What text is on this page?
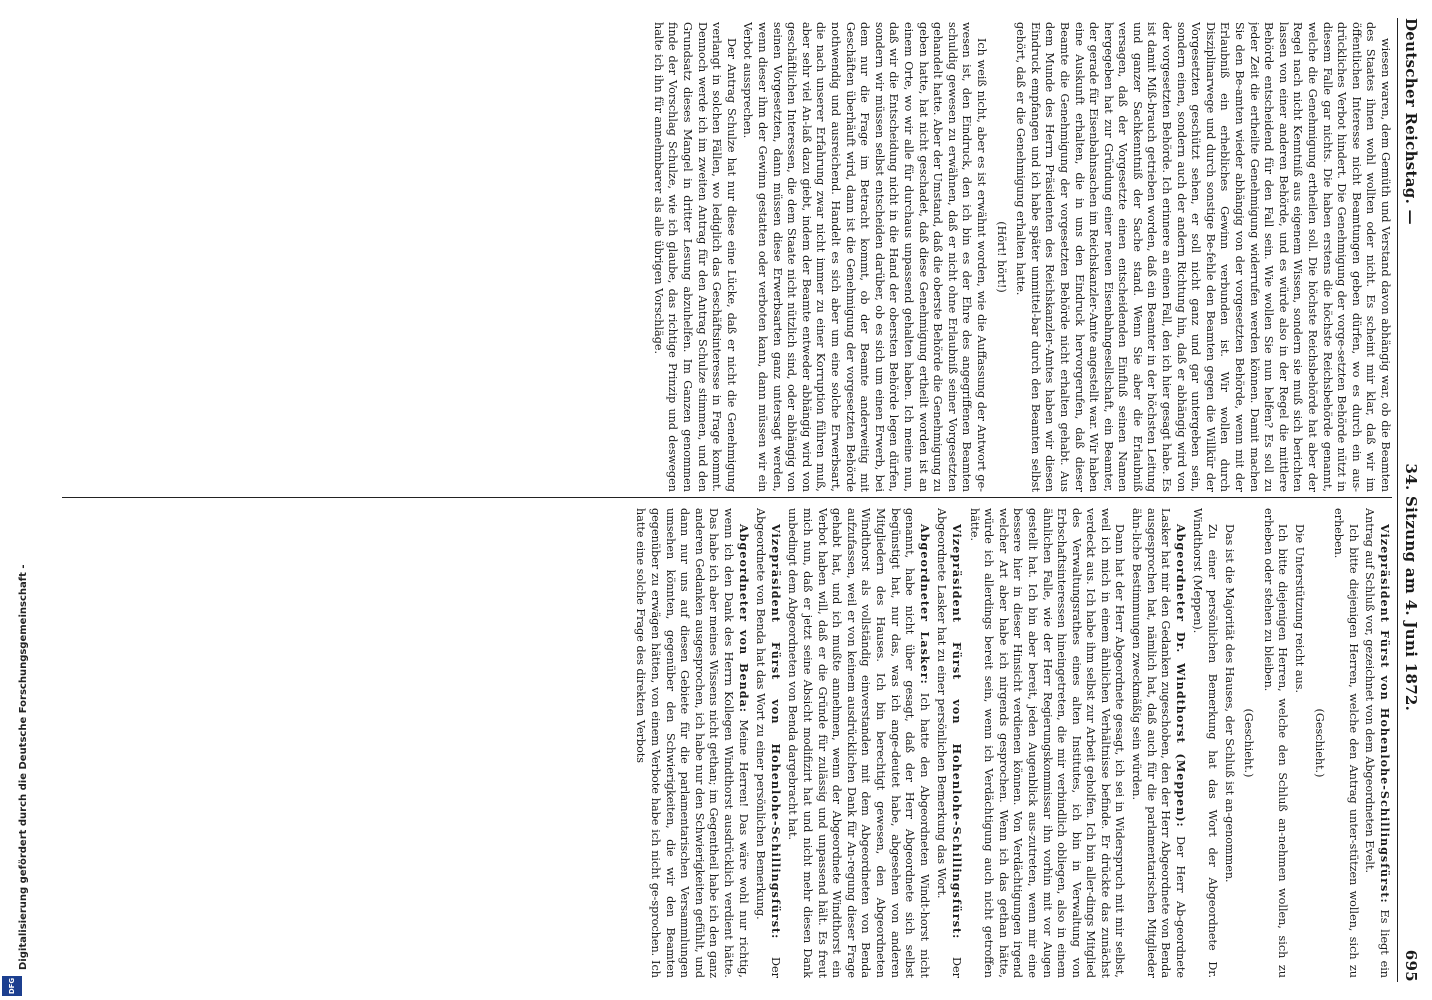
Deutscher Reichstag. —
34. Sitzung am 4. Juni 1872.
695

wiesen waren, dem Gemüth und Verstand davon abhängig war, ob die Beamten des Staates ihnen wohl wollten oder nicht. Es scheint mir klar, daß wir im öffentlichen Interesse nicht Beamtungen geben dürfen, wo es durch ein aus-drückliches Verbot hindert. Die Genehmigung der vorge-setzten Behörde nützt in diesem Falle gar nichts. Die haben erstens die höchste Reichsbehörde genannt, welche die Genehmigung ertheilen soll. Die höchste Reichsbehörde hat aber der Regel nach nicht Kenntniß aus eigenem Wissen, sondern sie muß sich berichten lassen von einer anderen Behörde, und es würde also in der Regel die mittlere Behörde entscheidend für den Fall sein. Wie wollen Sie nun helfen? Es soll zu jeder Zeit die ertheilte Genehmigung widerrufen werden können. Damit machen Sie den Be-amten wieder abhängig von der vorgesetzten Behörde, wenn mit der Erlaubniß ein erhebliches Gewinn verbunden ist. Wir wollen durch Disziplinarwege und durch sonstige Be-fehle den Beamten gegen die Willkür der Vorgesetzten geschützt sehen, er soll nicht ganz und gar untergeben sein, sondern einen, sondern auch der andern Richtung hin, daß er abhängig wird von der vorgesetzten Behörde. Ich erinnere an einen Fall, den ich hier gesagt habe. Es ist damit Miß-brauch getrieben worden, daß ein Beamter in der höchsten Leitung und ganzer Sachkenntniß der Sache stand. Wenn Sie aber die Erlaubniß versagen, daß der Vorgesetzte einen entscheidenden Einfluß seinen Namen hergegeben hat zur Gründung einer neuen Eisenbahngesellschaft, ein Beamter, der gerade für Eisenbahnsachen im Reichskanzler-Amte angestellt war. Wir haben eine Auskunft erhalten, die in uns den Eindruck hervorgerufen, daß dieser Beamte die Genehmigung der vorgesetzten Behörde nicht erhalten gehabt. Aus dem Munde des Herrn Präsidenten des Reichskanzler-Amtes haben wir diesen Eindruck empfangen und ich habe später unmittel-bar durch den Beamten selbst gehört, daß er die Genehmigung erhalten hatte.

(Hört! hört!)

Ich weiß nicht, aber es ist erwähnt worden, wie die Auffassung der Antwort ge-wesen ist, den Eindruck, den ich bin es der Ehre des angegriffenen Beamten schuldig gewesen zu erwähnen, daß er nicht ohne Erlaubniß seiner Vorgesetzten gehandelt hatte. Aber der Umstand, daß die oberste Behörde die Genehmigung zu geben hatte, hat nicht geschadet, daß diese Genehmigung ertheilt worden ist an einem Orte, wo wir alle für durchaus unpassend gehalten haben. Ich meine nun, daß wir die Entscheidung nicht in die Hand der obersten Behörde legen dürfen, sondern wir müssen selbst entscheiden darüber, ob es sich um einen Erwerb, bei dem nur die Frage im Betracht kommt, ob der Beamte anderweitig mit Geschäften überhäuft wird, dann ist die Genehmigung der vorgesetzten Behörde nothwendig und ausreichend. Handelt es sich aber um eine solche Erwerbsart, die nach unserer Erfahrung zwar nicht immer zu einer Korruption führen muß, aber sehr viel An-laß dazu giebt, indem der Beamte entweder abhängig wird von geschäftlichen Interessen, die dem Staate nicht nützlich sind, oder abhängig von seinen Vorgesetzten, dann müssen diese Erwerbsarten ganz untersagt werden, wenn dieser ihm der Gewinn gestatten oder verboten kann, dann müssen wir ein Verbot aussprechen.

Der Antrag Schulze hat nur diese eine Lücke, daß er nicht die Genehmigung verlangt in solchen Fällen, wo lediglich das Geschäftsinteresse in Frage kommt. Dennoch werde ich im zweiten Antrag für den Antrag Schulze stimmen, und den Grundsatz dieses Mangel in dritter Lesung abzuhelfen. Im Ganzen genommen finde der Vorschlag Schulze, wie ich glaube, das richtige Prinzip und deswegen halte ich ihn für annehmbarer als alle übrigen Vorschläge.

Vizepräsident Fürst von Hohenlohe-Schillingsfürst: Es liegt ein Antrag auf Schluß vor, gezeichnet von dem Abgeordneten Evelt.

Ich bitte diejenigen Herren, welche den Antrag unter-stützen wollen, sich zu erheben.

(Geschieht.)

Die Unterstützung reicht aus.

Ich bitte diejenigen Herren, welche den Schluß an-nehmen wollen, sich zu erheben oder stehen zu bleiben.

(Geschieht.)

Das ist die Majorität des Hauses, der Schluß ist an-genommen.

Zu einer persönlichen Bemerkung hat das Wort der Abgeordnete Dr. Windthorst (Meppen).

Abgeordneter Dr. Windthorst (Meppen): Der Herr Ab-geordnete Lasker hat mir den Gedanken zugeschoben, den der Herr Abgeordnete von Benda ausgesprochen hat, nämlich hat, daß auch für die parlamentarischen Mitglieder ähn-liche Bestimmungen zweckmäßig sein würden.

Dann hat der Herr Abgeordnete gesagt, ich sei in Widerspruch mit mir selbst, weil ich mich in einem ähnlichen Verhältnisse befinde. Er drückte das zunächst verdeckt aus. Ich habe ihm selbst zur Arbeit geholfen. Ich bin aller-dings Mitglied des Verwaltungsrathes eines alten Institutes, ich bin in Verwaltung von Erbschaftsinteressen hineingetreten, die mir verbindlich obliegen, also in einem ähnlichen Falle, wie der Herr Regierungskommissar ihn vorhin mit vor Augen gestellt hat. Ich bin aber bereit, jeden Augenblick aus-zutreten, wenn mir eine bessere hier in dieser Hinsicht verdienen können. Von Verdächtigungen irgend welcher Art aber habe ich nirgends gesprochen. Wenn ich das gethan hätte, würde ich allerdings bereit sein, wenn ich Verdächtigung auch nicht getroffen hätte.

Vizepräsident Fürst von Hohenlohe-Schillingsfürst: Der Abgeordnete Lasker hat zu einer persönlichen Bemerkung das Wort.

Abgeordneter Lasker: Ich hatte den Abgeordneten Windt-horst nicht genannt, habe nicht über gesagt, daß der Herr Abgeordnete sich selbst begünstigt hat, nur das, was ich ange-deutet habe, abgesehen von anderen Mitgliedern des Hauses. Ich bin berechtigt gewesen, den Abgeordneten Windthorst als vollständig einverstanden mit dem Abgeordneten von Benda aufzufassen, weil er von keinem ausdrücklichen Dank für An-regung dieser Frage gehabt hat, und ich mußte annehmen, wenn der Abgeordnete Windthorst ein Verbot haben will, daß er die Gründe für zulässig und unpassend hält. Es freut mich nun, daß er jetzt seine Absicht modifizirt hat und nicht mehr diesen Dank unbedingt dem Abgeordneten von Benda dargebracht hat.

Vizepräsident Fürst von Hohenlohe-Schillingsfürst: Der Abgeordnete von Benda hat das Wort zu einer persönlichen Bemerkung.

Abgeordneter von Benda: Meine Herren! Das wäre wohl nur richtig, wenn ich den Dank des Herrn Kollegen Windthorst ausdrücklich verdient hätte. Das habe ich aber meines Wissens nicht gethan; im Gegentheil habe ich den ganz anderen Gedanken ausgesprochen, ich habe nur den Schwierigkeiten gefühlt, und dann nur uns auf diesen Gebiete für die parlamentarischen Versammlungen umsehen könnten, gegenüber den Schwierigkeiten, die wir den Beamten gegenüber zu erwägen hätten, von einem Verbote habe ich nicht ge-sprochen. Ich hatte eine solche Frage des direkten Verbots

Digitalisierung gefördert durch die Deutsche Forschungsgemeinschaft -
DFG
